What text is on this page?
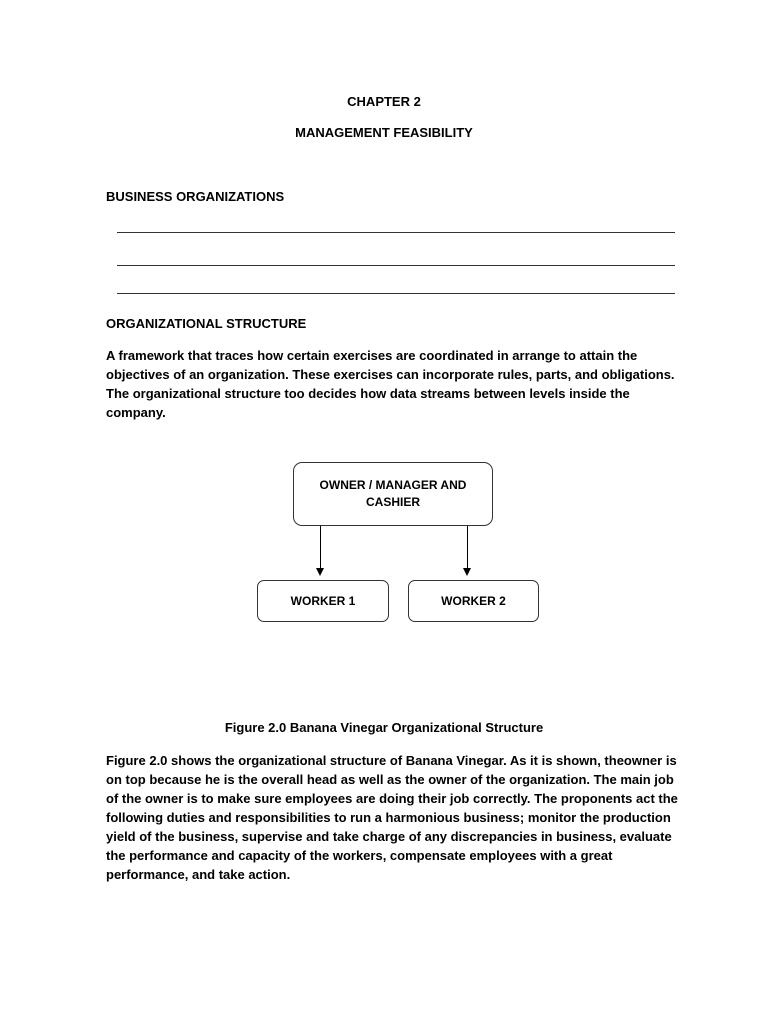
CHAPTER 2
MANAGEMENT FEASIBILITY
BUSINESS ORGANIZATIONS
ORGANIZATIONAL STRUCTURE

A framework that traces how certain exercises are coordinated in arrange to attain the objectives of an organization. These exercises can incorporate rules, parts, and obligations. The organizational structure too decides how data streams between levels inside the company.

OWNER / MANAGER AND
CASHIER
WORKER 1	WORKER 2
Figure 2.0 Banana Vinegar Organizational Structure

Figure 2.0 shows the organizational structure of Banana Vinegar. As it is shown, theowner is on top because he is the overall head as well as the owner of the organization. The main job of the owner is to make sure employees are doing their job correctly. The proponents act the following duties and responsibilities to run a harmonious business; monitor the production yield of the business, supervise and take charge of any discrepancies in business, evaluate the performance and capacity of the workers, compensate employees with a great performance, and take action.
